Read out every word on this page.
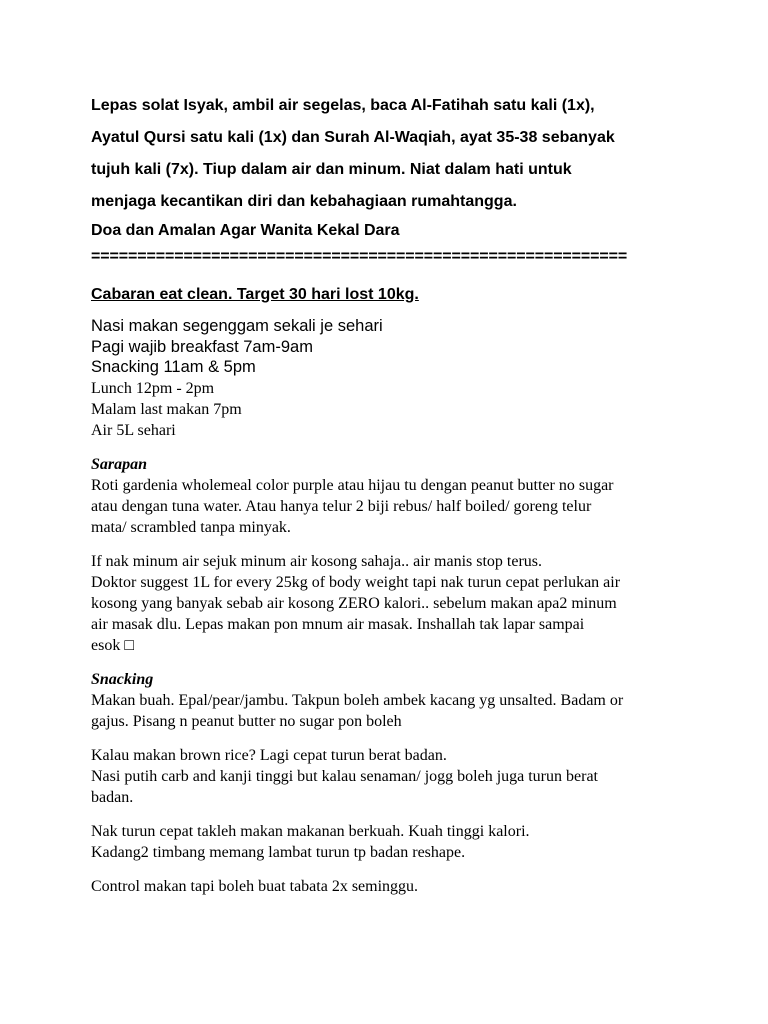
Lepas solat Isyak, ambil air segelas, baca Al-Fatihah satu kali (1x),

Ayatul Qursi satu kali (1x) dan Surah Al-Waqiah, ayat 35-38 sebanyak

tujuh kali (7x). Tiup dalam air dan minum. Niat dalam hati untuk

menjaga kecantikan diri dan kebahagiaan rumahtangga.

Doa dan Amalan Agar Wanita Kekal Dara

==========================================================

Cabaran eat clean. Target 30 hari lost 10kg.

Nasi makan segenggam sekali je sehari

Pagi wajib breakfast 7am-9am

Snacking 11am & 5pm

Lunch 12pm - 2pm

Malam last makan 7pm

Air 5L sehari

Sarapan

Roti gardenia wholemeal color purple atau hijau tu dengan peanut butter no sugar

atau dengan tuna water. Atau hanya telur 2 biji rebus/ half boiled/ goreng telur

mata/ scrambled tanpa minyak.

If nak minum air sejuk minum air kosong sahaja.. air manis stop terus.

Doktor suggest 1L for every 25kg of body weight tapi nak turun cepat perlukan air

kosong yang banyak sebab air kosong ZERO kalori.. sebelum makan apa2 minum

air masak dlu. Lepas makan pon mnum air masak. Inshallah tak lapar sampai

esok □

Snacking

Makan buah. Epal/pear/jambu. Takpun boleh ambek kacang yg unsalted. Badam or

gajus. Pisang n peanut butter no sugar pon boleh

Kalau makan brown rice? Lagi cepat turun berat badan.

Nasi putih carb and kanji tinggi but kalau senaman/ jogg boleh juga turun berat

badan.

Nak turun cepat takleh makan makanan berkuah. Kuah tinggi kalori.

Kadang2 timbang memang lambat turun tp badan reshape.

Control makan tapi boleh buat tabata 2x seminggu.
